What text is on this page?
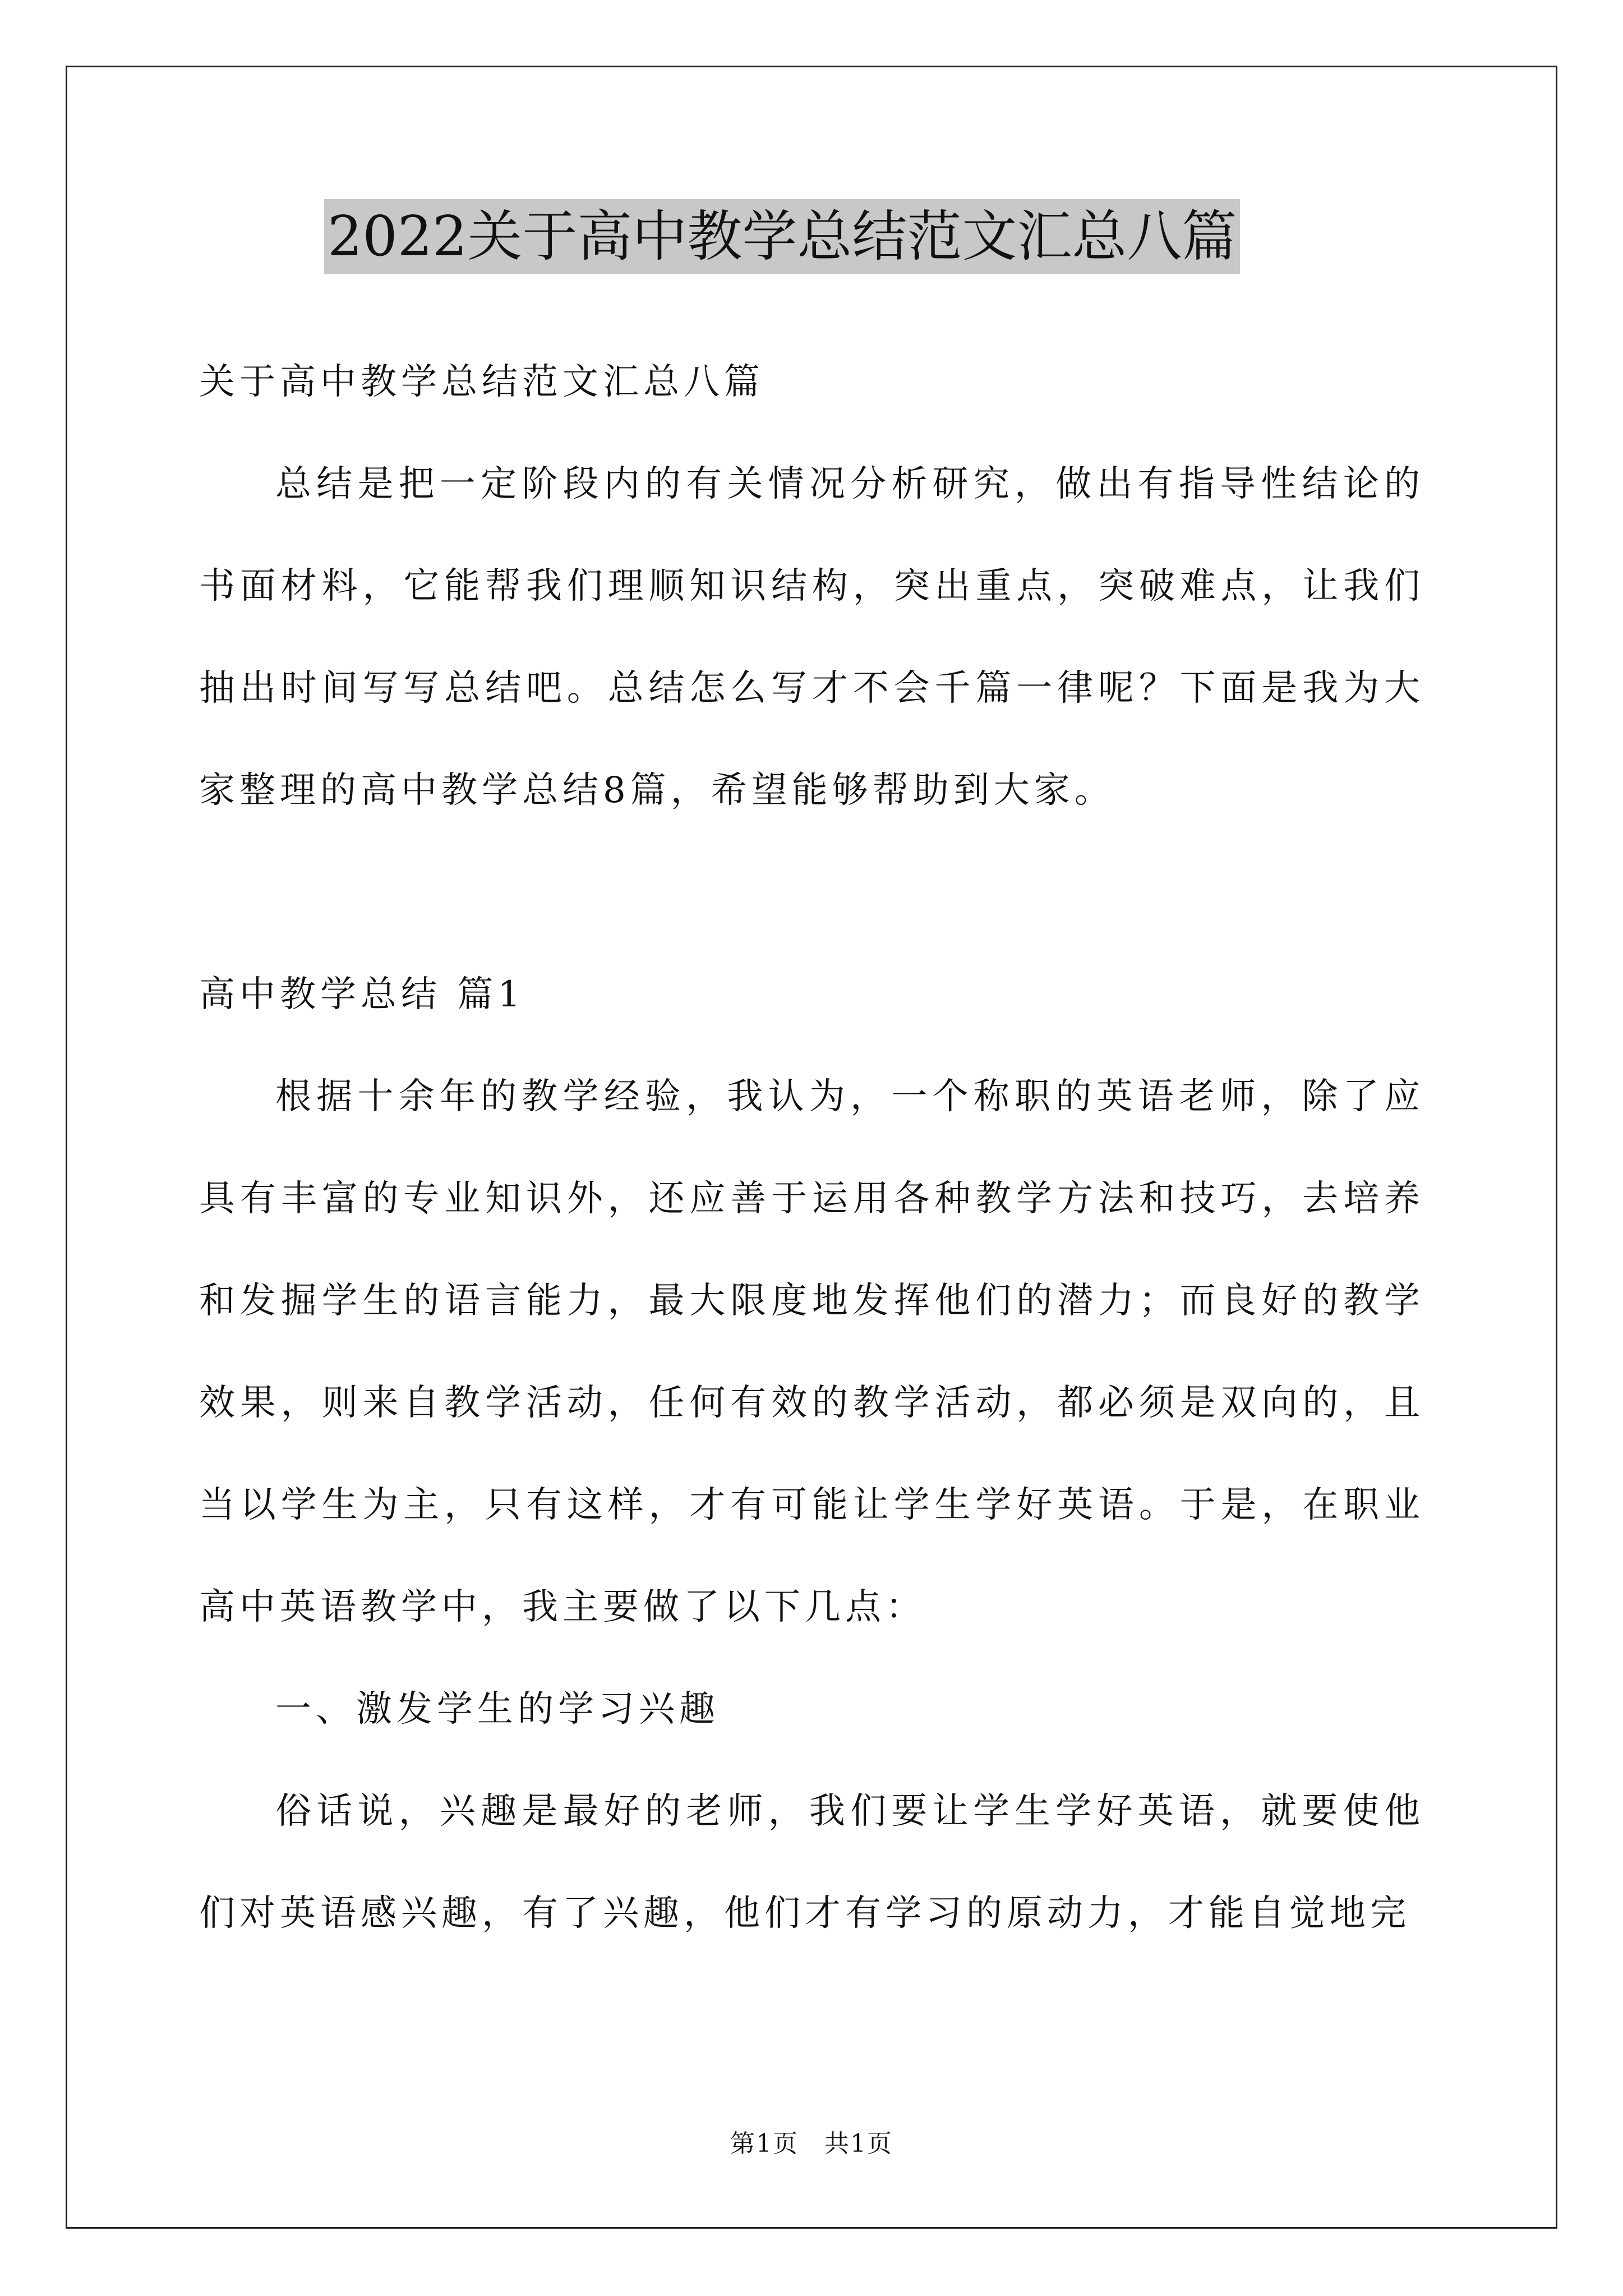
2022关于高中教学总结范文汇总八篇

关于高中教学总结范文汇总八篇

总结是把一定阶段内的有关情况分析研究，做出有指导性结论的书面材料，它能帮我们理顺知识结构，突出重点，突破难点，让我们抽出时间写写总结吧。总结怎么写才不会千篇一律呢？下面是我为大家整理的高中教学总结8篇，希望能够帮助到大家。

高中教学总结 篇1

根据十余年的教学经验，我认为，一个称职的英语老师，除了应具有丰富的专业知识外，还应善于运用各种教学方法和技巧，去培养和发掘学生的语言能力，最大限度地发挥他们的潜力；而良好的教学效果，则来自教学活动，任何有效的教学活动，都必须是双向的，且当以学生为主，只有这样，才有可能让学生学好英语。于是，在职业高中英语教学中，我主要做了以下几点：

一、激发学生的学习兴趣

俗话说，兴趣是最好的老师，我们要让学生学好英语，就要使他们对英语感兴趣，有了兴趣，他们才有学习的原动力，才能自觉地完

第1页　共1页
